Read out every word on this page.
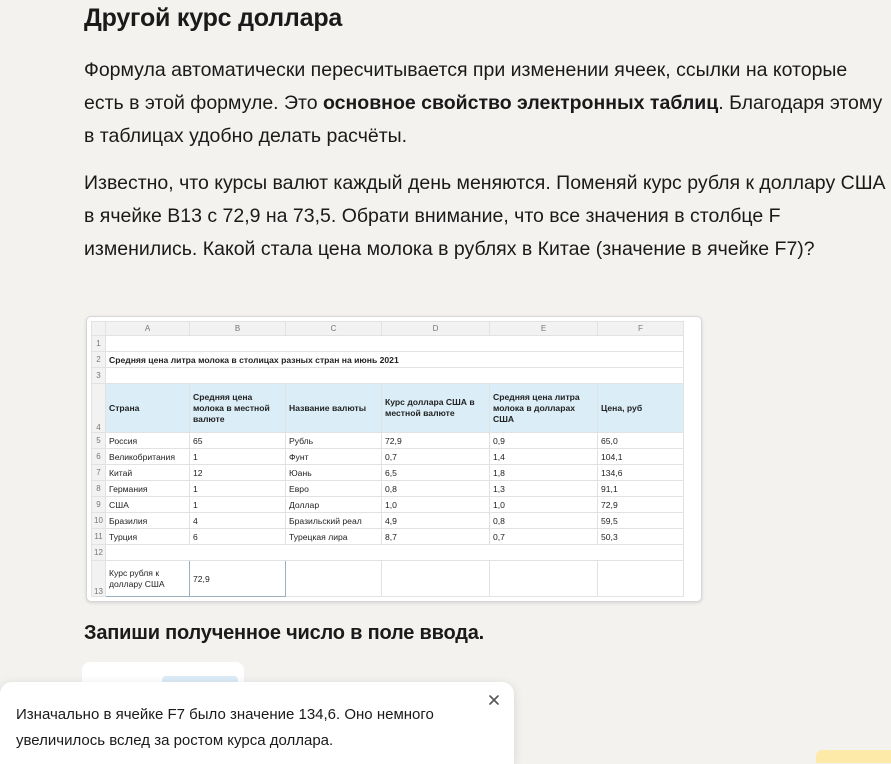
Другой курс доллара

Формула автоматически пересчитывается при изменении ячеек, ссылки на которые есть в этой формуле. Это основное свойство электронных таблиц. Благодаря этому в таблицах удобно делать расчёты.

Известно, что курсы валют каждый день меняются. Поменяй курс рубля к доллару США в ячейке B13 с 72,9 на 73,5. Обрати внимание, что все значения в столбце F изменились. Какой стала цена молока в рублях в Китае (значение в ячейке F7)?

	A	B	C	D	E	F
1						
2	Средняя цена литра молока в столицах разных стран на июнь 2021					
3						
4	Страна	Средняя цена молока в местной валюте	Название валюты	Курс доллара США в местной валюте	Средняя цена литра молока в долларах США	Цена, руб
5	Россия	65	Рубль	72,9	0,9	65,0
6	Великобритания	1	Фунт	0,7	1,4	104,1
7	Китай	12	Юань	6,5	1,8	134,6
8	Германия	1	Евро	0,8	1,3	91,1
9	США	1	Доллар	1,0	1,0	72,9
10	Бразилия	4	Бразильский реал	4,9	0,8	59,5
11	Турция	6	Турецкая лира	8,7	0,7	50,3
12						
13	Курс рубля к доллару США	72,9				
Запиши полученное число в поле ввода.

Изначально в ячейке F7 было значение 134,6. Оно немного увеличилось вслед за ростом курса доллара.
